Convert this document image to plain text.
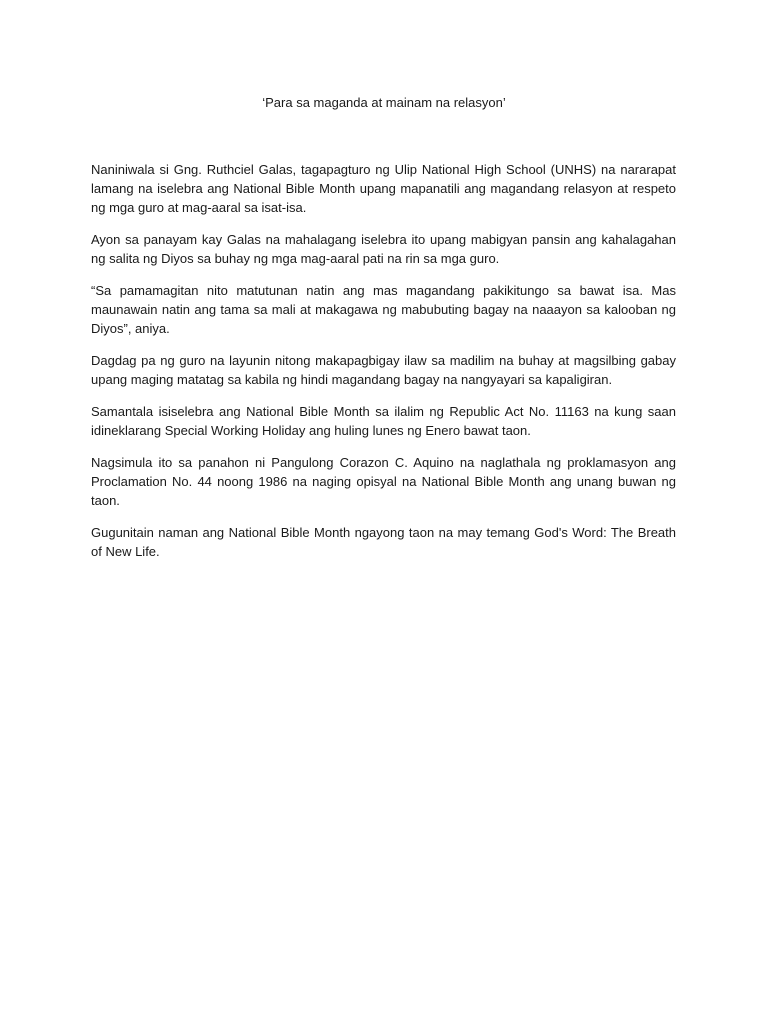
‘Para sa maganda at mainam na relasyon’

Naniniwala si Gng. Ruthciel Galas, tagapagturo ng Ulip National High School (UNHS) na nararapat lamang na iselebra ang National Bible Month upang mapanatili ang magandang relasyon at respeto ng mga guro at mag-aaral sa isat-isa.

Ayon sa panayam kay Galas na mahalagang iselebra ito upang mabigyan pansin ang kahalagahan ng salita ng Diyos sa buhay ng mga mag-aaral pati na rin sa mga guro.

“Sa pamamagitan nito matutunan natin ang mas magandang pakikitungo sa bawat isa. Mas maunawain natin ang tama sa mali at makagawa ng mabubuting bagay na naaayon sa kalooban ng Diyos”, aniya.

Dagdag pa ng guro na layunin nitong makapagbigay ilaw sa madilim na buhay at magsilbing gabay upang maging matatag sa kabila ng hindi magandang bagay na nangyayari sa kapaligiran.

Samantala isiselebra ang National Bible Month sa ilalim ng Republic Act No. 11163 na kung saan idineklarang Special Working Holiday ang huling lunes ng Enero bawat taon.

Nagsimula ito sa panahon ni Pangulong Corazon C. Aquino na naglathala ng proklamasyon ang Proclamation No. 44 noong 1986 na naging opisyal na National Bible Month ang unang buwan ng taon.

Gugunitain naman ang National Bible Month ngayong taon na may temang God's Word: The Breath of New Life.
